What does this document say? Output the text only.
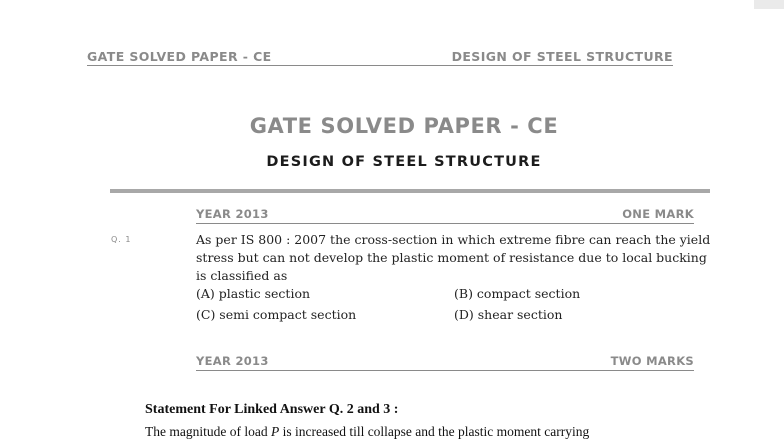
GATE SOLVED PAPER - CE	DESIGN OF STEEL STRUCTURE
GATE SOLVED PAPER - CE
DESIGN OF STEEL STRUCTURE
YEAR 2013	ONE MARK
Q. 1	As per IS 800 : 2007 the cross-section in which extreme fibre can reach the yield
stress but can not develop the plastic moment of resistance due to local bucking
is classified as
(A) plastic section	(B) compact section
(C) semi compact section	(D) shear section
YEAR 2013	TWO MARKS
Statement For Linked Answer Q. 2 and 3 :
The magnitude of load P is increased till collapse and the plastic moment carrying
